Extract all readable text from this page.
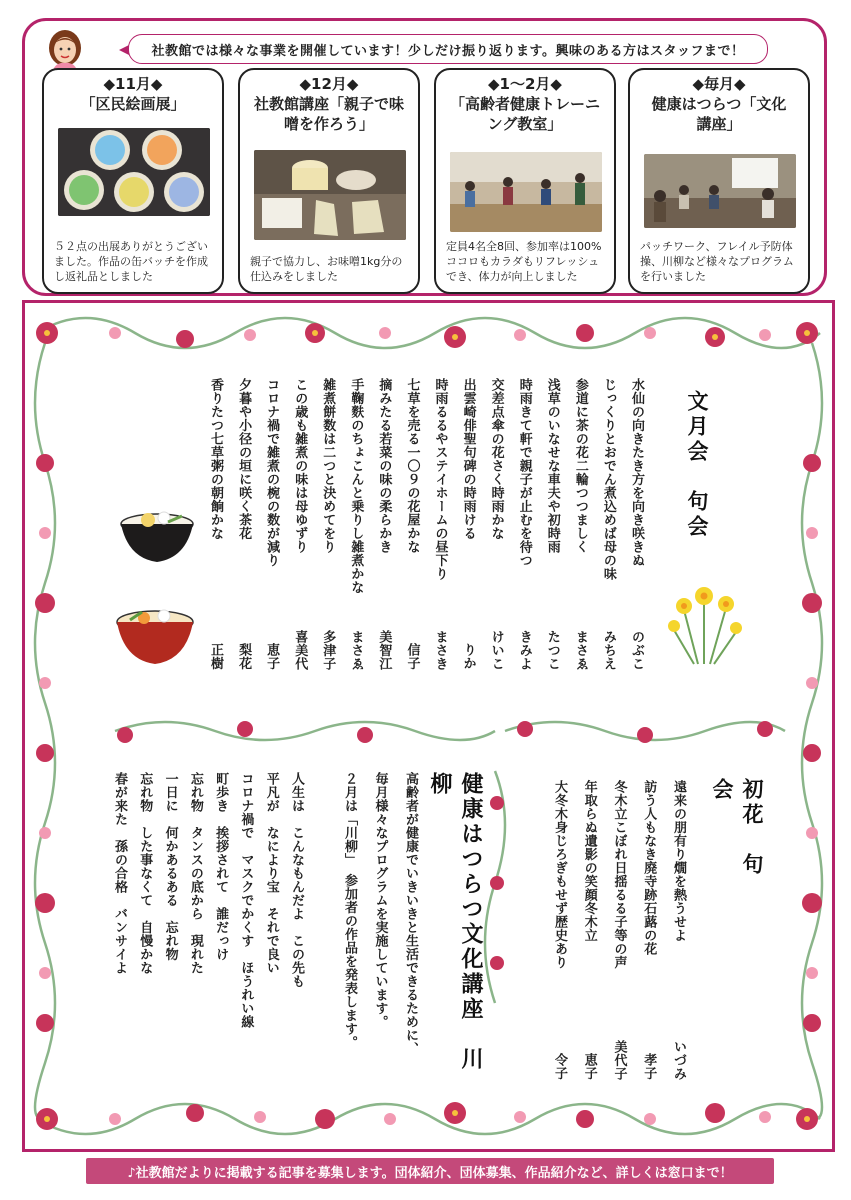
社教館では様々な事業を開催しています！少しだけ振り返ります。興味のある方はスタッフまで！
◆11月◆
「区民絵画展」
５２点の出展ありがとうございました。作品の缶バッチを作成し返礼品としました
◆12月◆
社教館講座「親子で味噌を作ろう」
親子で協力し、お味噌1kg分の仕込みをしました
◆1～2月◆
「高齢者健康トレーニング教室」
定員4名全8回、参加率は100%ココロもカラダもリフレッシュでき、体力が向上しました
◆毎月◆
健康はつらつ「文化講座」
パッチワーク、フレイル予防体操、川柳など様々なプログラムを行いました
文月会　句会
水仙の向きたき方を向き咲きぬ
のぶこ
じっくりとおでん煮込めば母の味
みちえ
参道に茶の花二輪つつましく
まさゑ
浅草のいなせな車夫や初時雨
たつこ
時雨きて軒で親子が止むを待つ
きみよ
交差点傘の花さく時雨かな
けいこ
出雲崎俳聖句碑の時雨ける
りか
時雨るるやステイホームの昼下り
まさき
七草を売る一〇９の花屋かな
信子
摘みたる若菜の味の柔らかき
美智江
手鞠麩のちょこんと乗りし雑煮かな
まさゑ
雑煮餅数は二つと決めてをり
多津子
この歳も雑煮の味は母ゆずり
喜美代
コロナ禍で雑煮の椀の数が減り
恵子
夕暮や小径の垣に咲く茶花
梨花
香りたつ七草粥の朝餉かな
正樹
初花　句会
遠来の朋有り燗を熱うせよ
いづみ
訪う人もなき廃寺跡石蕗の花
孝子
冬木立こぼれ日揺るる子等の声
美代子
年取らぬ遺影の笑顔冬木立
恵子
大冬木身じろぎもせず歴史あり
令子
健康はつらつ文化講座　川柳
高齢者が健康でいきいきと生活できるために、
毎月様々なプログラムを実施しています。
２月は「川柳」　参加者の作品を発表します。
人生は　こんなもんだよ　この先も
平凡が　なにより宝　それで良い
コロナ禍で　マスクでかくす　ほうれい線
町歩き　挨拶されて　誰だっけ
忘れ物　タンスの底から　現れた
一日に　何かあるある　忘れ物
忘れ物　した事なくて　自慢かな
春が来た　孫の合格　バンサイよ
♪社教館だよりに掲載する記事を募集します。団体紹介、団体募集、作品紹介など、詳しくは窓口まで！
